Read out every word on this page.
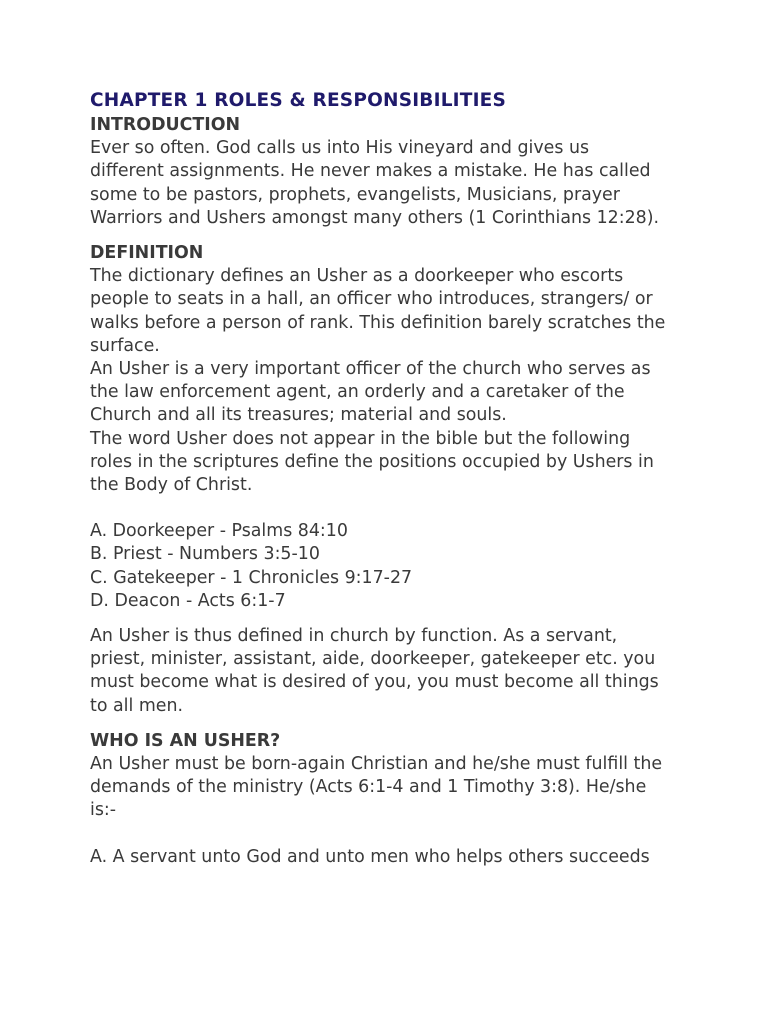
CHAPTER 1 ROLES & RESPONSIBILITIES
INTRODUCTION
Ever so often. God calls us into His vineyard and gives us
different assignments. He never makes a mistake. He has called
some to be pastors, prophets, evangelists, Musicians, prayer
Warriors and Ushers amongst many others (1 Corinthians 12:28).
DEFINITION
The dictionary defines an Usher as a doorkeeper who escorts
people to seats in a hall, an officer who introduces, strangers/ or
walks before a person of rank. This definition barely scratches the
surface.
An Usher is a very important officer of the church who serves as
the law enforcement agent, an orderly and a caretaker of the
Church and all its treasures; material and souls.
The word Usher does not appear in the bible but the following
roles in the scriptures define the positions occupied by Ushers in
the Body of Christ.
A. Doorkeeper - Psalms 84:10
B. Priest - Numbers 3:5-10
C. Gatekeeper - 1 Chronicles 9:17-27
D. Deacon - Acts 6:1-7
An Usher is thus defined in church by function. As a servant,
priest, minister, assistant, aide, doorkeeper, gatekeeper etc. you
must become what is desired of you, you must become all things
to all men.
WHO IS AN USHER?
An Usher must be born-again Christian and he/she must fulfill the
demands of the ministry (Acts 6:1-4 and 1 Timothy 3:8). He/she
is:-
A. A servant unto God and unto men who helps others succeeds
